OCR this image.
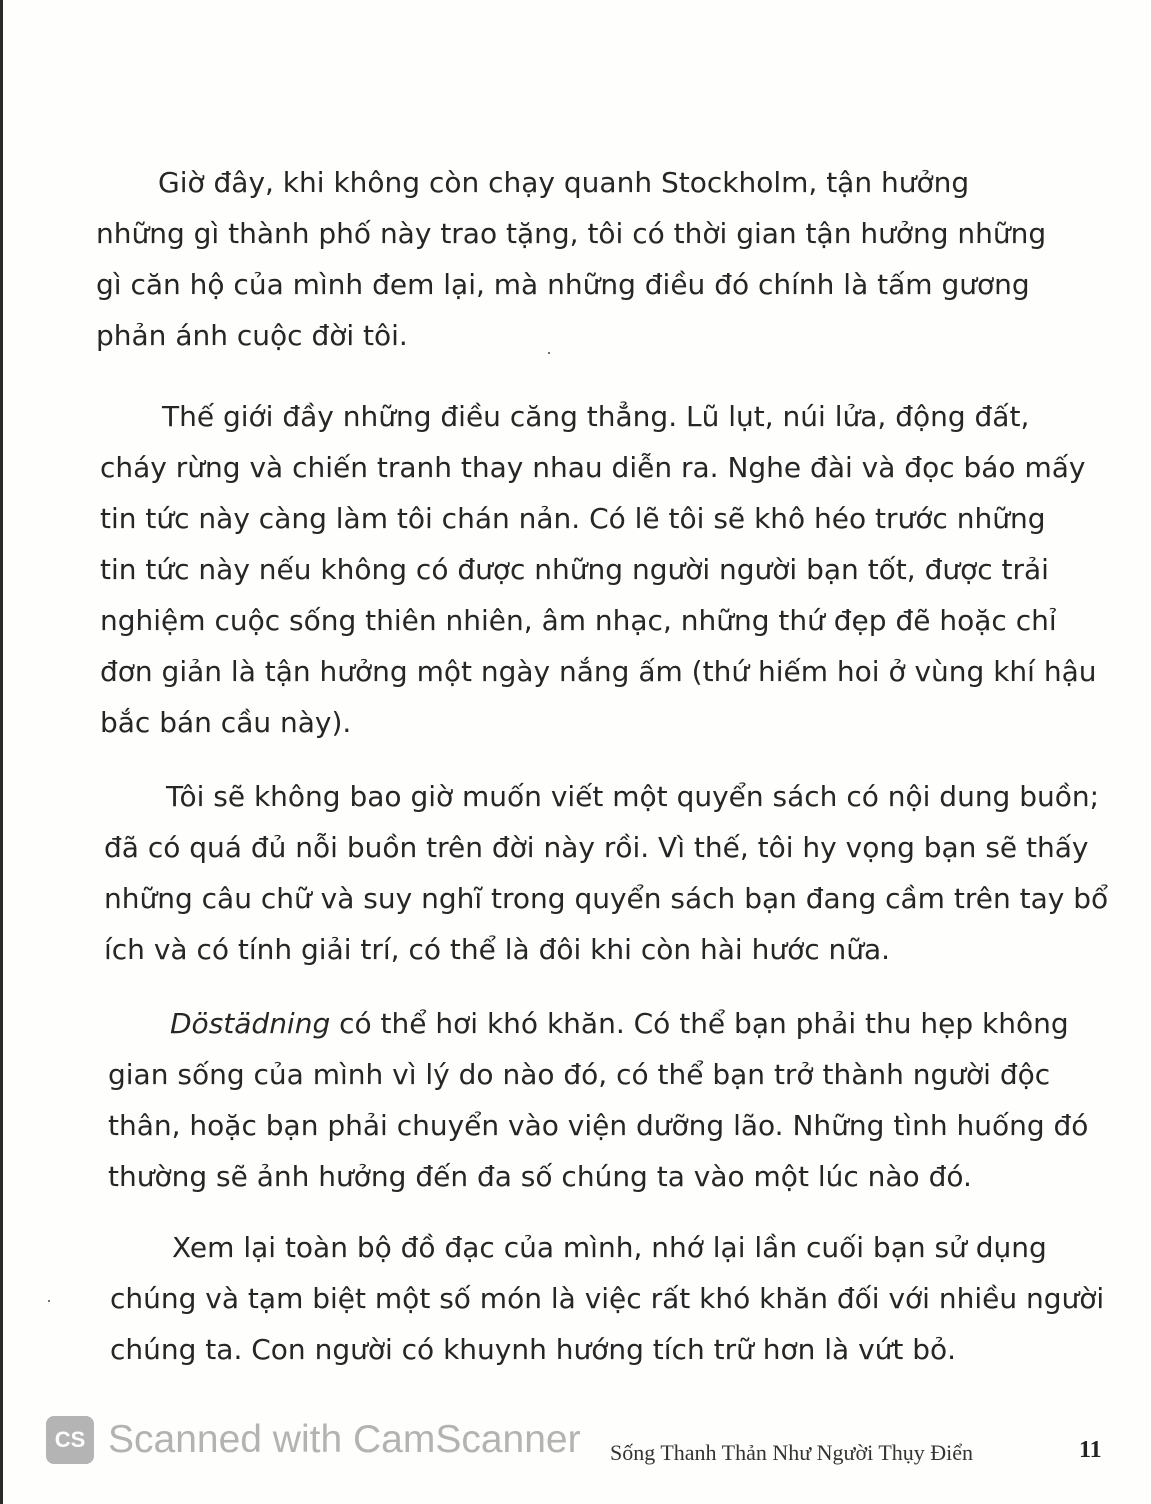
Giờ đây, khi không còn chạy quanh Stockholm, tận hưởng
những gì thành phố này trao tặng, tôi có thời gian tận hưởng những
gì căn hộ của mình đem lại, mà những điều đó chính là tấm gương
phản ánh cuộc đời tôi.

Thế giới đầy những điều căng thẳng. Lũ lụt, núi lửa, động đất,
cháy rừng và chiến tranh thay nhau diễn ra. Nghe đài và đọc báo mấy
tin tức này càng làm tôi chán nản. Có lẽ tôi sẽ khô héo trước những
tin tức này nếu không có được những người người bạn tốt, được trải
nghiệm cuộc sống thiên nhiên, âm nhạc, những thứ đẹp đẽ hoặc chỉ
đơn giản là tận hưởng một ngày nắng ấm (thứ hiếm hoi ở vùng khí hậu
bắc bán cầu này).

Tôi sẽ không bao giờ muốn viết một quyển sách có nội dung buồn;
đã có quá đủ nỗi buồn trên đời này rồi. Vì thế, tôi hy vọng bạn sẽ thấy
những câu chữ và suy nghĩ trong quyển sách bạn đang cầm trên tay bổ
ích và có tính giải trí, có thể là đôi khi còn hài hước nữa.

Döstädning có thể hơi khó khăn. Có thể bạn phải thu hẹp không
gian sống của mình vì lý do nào đó, có thể bạn trở thành người độc
thân, hoặc bạn phải chuyển vào viện dưỡng lão. Những tình huống đó
thường sẽ ảnh hưởng đến đa số chúng ta vào một lúc nào đó.

Xem lại toàn bộ đồ đạc của mình, nhớ lại lần cuối bạn sử dụng
chúng và tạm biệt một số món là việc rất khó khăn đối với nhiều người
chúng ta. Con người có khuynh hướng tích trữ hơn là vứt bỏ.

CS Scanned with CamScanner Sống Thanh Thản Như Người Thụy Điển	11
